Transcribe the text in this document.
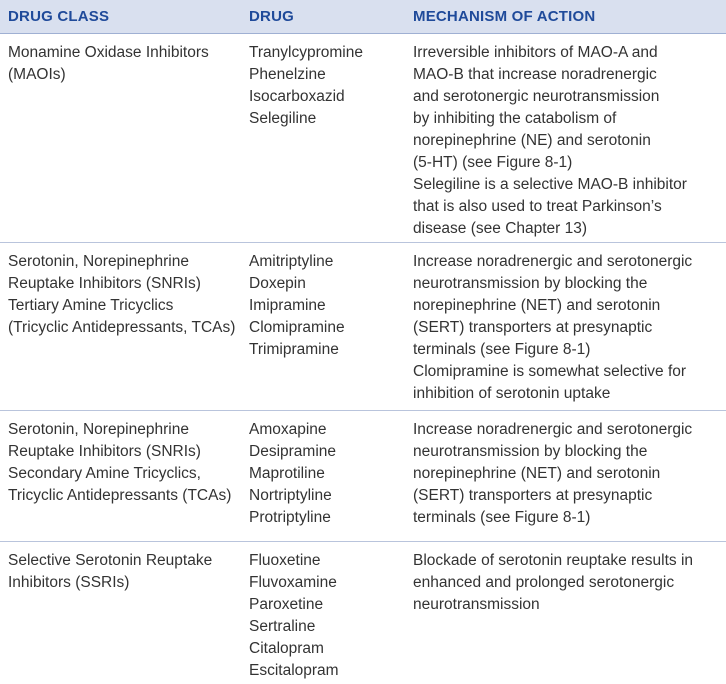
DRUG CLASS	DRUG	MECHANISM OF ACTION
Monamine Oxidase Inhibitors
(MAOIs)
Tranylcypromine
Phenelzine
Isocarboxazid
Selegiline
Irreversible inhibitors of MAO-A and
MAO-B that increase noradrenergic
and serotonergic neurotransmission
by inhibiting the catabolism of
norepinephrine (NE) and serotonin
(5-HT) (see Figure 8-1)
Selegiline is a selective MAO-B inhibitor
that is also used to treat Parkinson’s
disease (see Chapter 13)
Serotonin, Norepinephrine
Reuptake Inhibitors (SNRIs)
Tertiary Amine Tricyclics
(Tricyclic Antidepressants, TCAs)
Amitriptyline
Doxepin
Imipramine
Clomipramine
Trimipramine
Increase noradrenergic and serotonergic
neurotransmission by blocking the
norepinephrine (NET) and serotonin
(SERT) transporters at presynaptic
terminals (see Figure 8-1)
Clomipramine is somewhat selective for
inhibition of serotonin uptake
Serotonin, Norepinephrine
Reuptake Inhibitors (SNRIs)
Secondary Amine Tricyclics,
Tricyclic Antidepressants (TCAs)
Amoxapine
Desipramine
Maprotiline
Nortriptyline
Protriptyline
Increase noradrenergic and serotonergic
neurotransmission by blocking the
norepinephrine (NET) and serotonin
(SERT) transporters at presynaptic
terminals (see Figure 8-1)
Selective Serotonin Reuptake
Inhibitors (SSRIs)
Fluoxetine
Fluvoxamine
Paroxetine
Sertraline
Citalopram
Escitalopram
Blockade of serotonin reuptake results in
enhanced and prolonged serotonergic
neurotransmission
